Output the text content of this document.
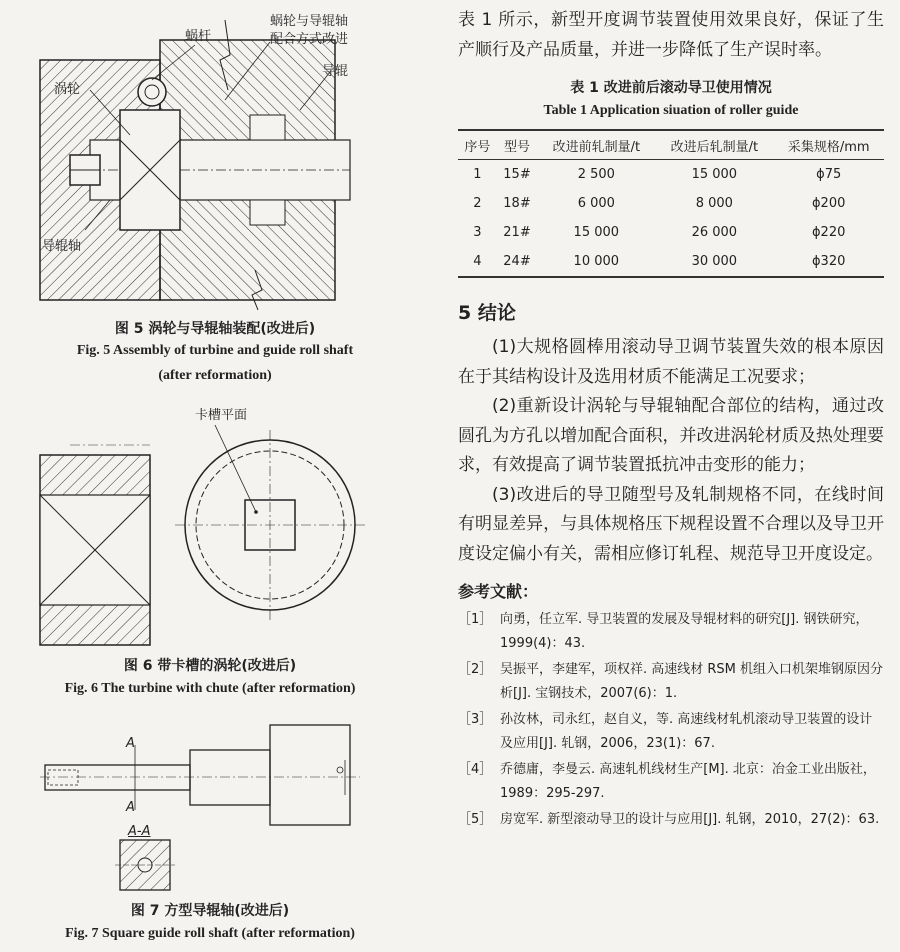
蜗杆
蜗轮与导辊轴
配合方式改进
涡轮
导辊
导辊轴
图 5 涡轮与导辊轴装配(改进后)
Fig. 5 Assembly of turbine and guide roll shaft
(after reformation)
卡槽平面
图 6 带卡槽的涡轮(改进后)
Fig. 6 The turbine with chute (after reformation)
A
A
A-A
图 7 方型导辊轴(改进后)
Fig. 7 Square guide roll shaft (after reformation)

表 1 所示，新型开度调节装置使用效果良好，保证了生产顺行及产品质量，并进一步降低了生产误时率。

表 1 改进前后滚动导卫使用情况
Table 1 Application siuation of roller guide
序号	型号	改进前轧制量/t	改进后轧制量/t	采集规格/mm
1	15#	2 500	15 000	ϕ75
2	18#	6 000	8 000	ϕ200
3	21#	15 000	26 000	ϕ220
4	24#	10 000	30 000	ϕ320
5 结论

(1)大规格圆棒用滚动导卫调节装置失效的根本原因在于其结构设计及选用材质不能满足工况要求；

(2)重新设计涡轮与导辊轴配合部位的结构，通过改圆孔为方孔以增加配合面积，并改进涡轮材质及热处理要求，有效提高了调节装置抵抗冲击变形的能力；

(3)改进后的导卫随型号及轧制规格不同，在线时间有明显差异，与具体规格压下规程设置不合理以及导卫开度设定偏小有关，需相应修订轧程、规范导卫开度设定。

参考文献：
［1］ 向勇，任立军. 导卫装置的发展及导辊材料的研究[J]. 钢铁研究，1999(4)：43.
［2］ 吴振平，李建军，项权祥. 高速线材 RSM 机组入口机架堆钢原因分析[J]. 宝钢技术，2007(6)：1.
［3］ 孙汝林，司永红，赵自义，等. 高速线材轧机滚动导卫装置的设计及应用[J]. 轧钢，2006，23(1)：67.
［4］ 乔德庸，李曼云. 高速轧机线材生产[M]. 北京：冶金工业出版社，1989：295-297.
［5］ 房宽军. 新型滚动导卫的设计与应用[J]. 轧钢，2010，27(2)：63.
